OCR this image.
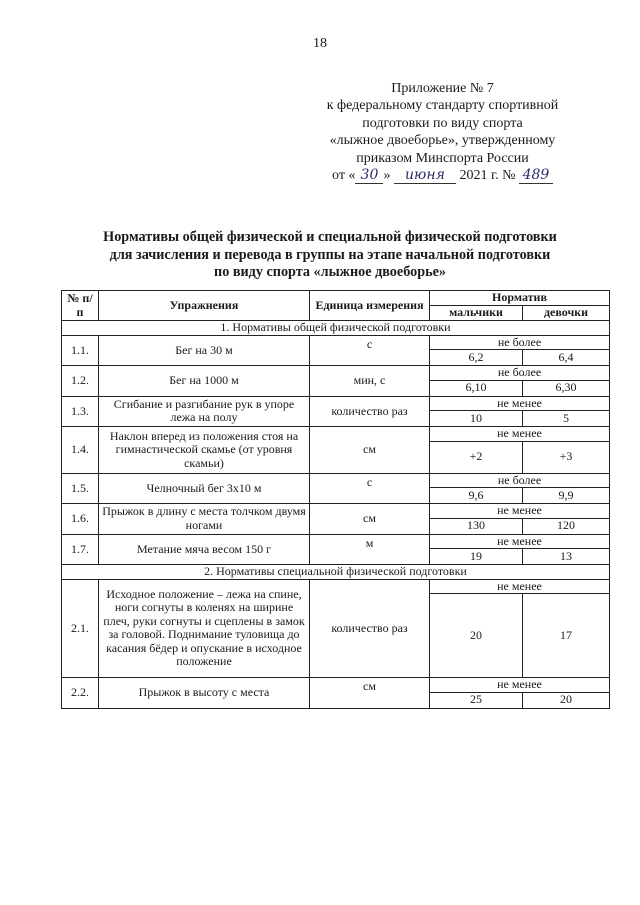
18
Приложение № 7
к федеральному стандарту спортивной
подготовки по виду спорта
«лыжное двоеборье», утвержденному
приказом Минспорта России
от « 30 » июня 2021 г. № 489
Нормативы общей физической и специальной физической подготовки
для зачисления и перевода в группы на этапе начальной подготовки
по виду спорта «лыжное двоеборье»
№ п/п	Упражнения	Единица измерения	Норматив	
			мальчики	девочки
1. Нормативы общей физической подготовки				
1.1.	Бег на 30 м	с	не более	
			6,2	6,4
1.2.	Бег на 1000 м	мин, с	не более	
			6,10	6,30
1.3.	Сгибание и разгибание рук в упоре лежа на полу	количество раз	не менее	
			10	5
1.4.	Наклон вперед из положения стоя на гимнастической скамье (от уровня скамьи)	см	не менее	
			+2	+3
1.5.	Челночный бег 3х10 м	с	не более	
			9,6	9,9
1.6.	Прыжок в длину с места толчком двумя ногами	см	не менее	
			130	120
1.7.	Метание мяча весом 150 г	м	не менее	
			19	13
2. Нормативы специальной физической подготовки				
2.1.	Исходное положение – лежа на спине, ноги согнуты в коленях на ширине плеч, руки согнуты и сцеплены в замок за головой. Поднимание туловища до касания бёдер и опускание в исходное положение	количество раз	не менее	
			20	17
2.2.	Прыжок в высоту с места	см	не менее	
			25	20
